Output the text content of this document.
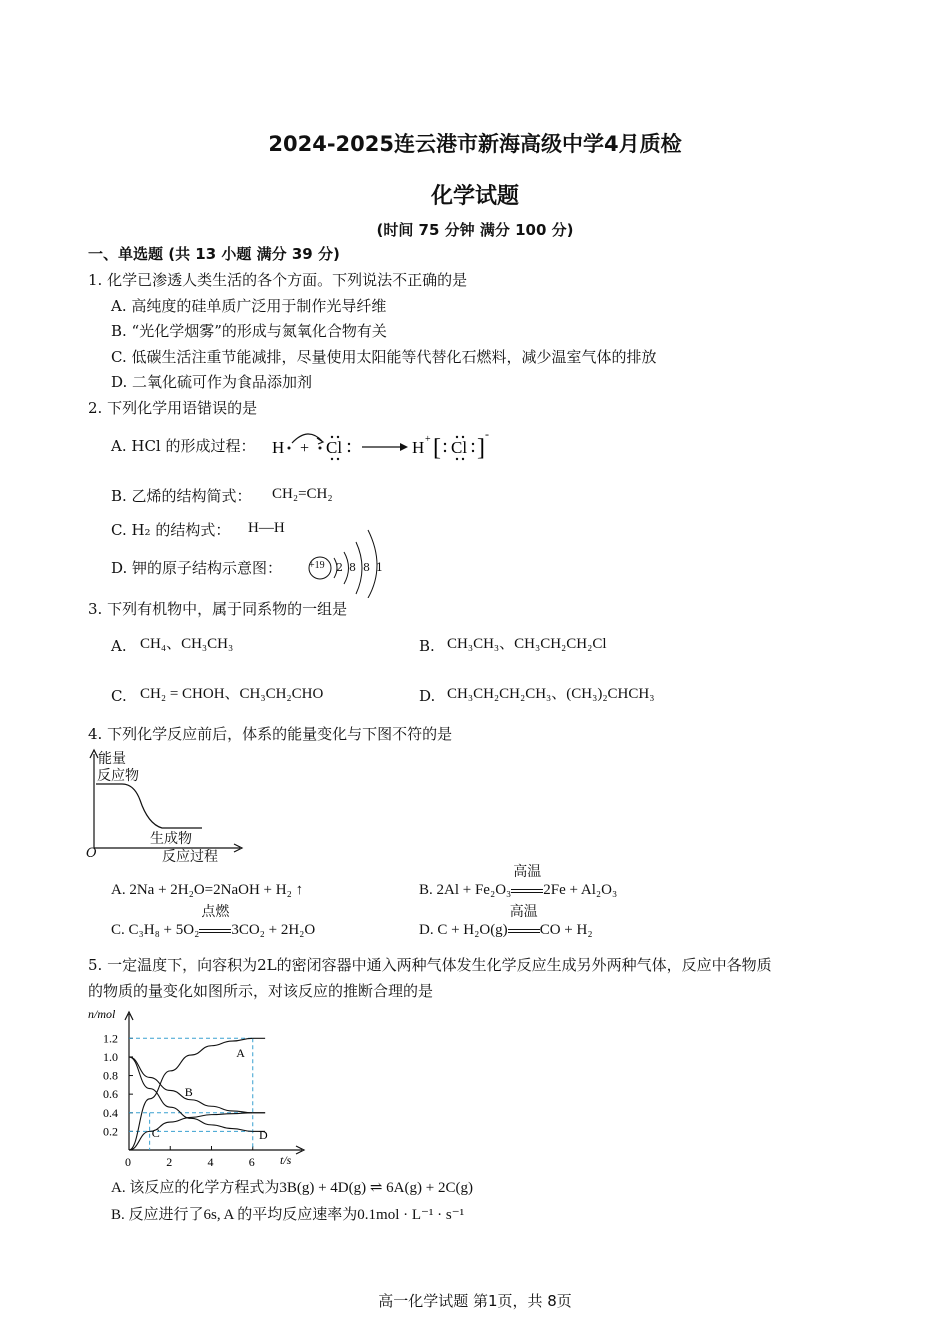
2024-2025连云港市新海高级中学4月质检
化学试题
(时间 75 分钟 满分 100 分)
一、单选题 (共 13 小题 满分 39 分)
1. 化学已渗透人类生活的各个方面。下列说法不正确的是
A. 高纯度的硅单质广泛用于制作光导纤维
B. “光化学烟雾”的形成与氮氧化合物有关
C. 低碳生活注重节能减排，尽量使用太阳能等代替化石燃料，减少温室气体的排放
D. 二氧化硫可作为食品添加剂
2. 下列化学用语错误的是
A. HCl 的形成过程： H + Cl	H + [ Cl ]
-
B. 乙烯的结构简式： CH₂=CH₂
C. H₂ 的结构式： H—H
D. 钾的原子结构示意图：	+19 2 8 8 1
3. 下列有机物中，属于同系物的一组是
A. CH₄、CH₃CH₃	B. CH₃CH₃、CH₃CH₂CH₂Cl
C. CH₂ = CHOH、CH₃CH₂CHO	D. CH₃CH₂CH₂CH₃、(CH₃)₂CHCH₃
4. 下列化学反应前后，体系的能量变化与下图不符的是
能量
反应物
生成物
O	反应过程
A. 2Na + 2H₂O=2NaOH + H₂ ↑	B. 2Al + Fe₂O₃
高温
2Fe + Al₂O₃
C. C₃H₈ + 5O₂
点燃
3CO₂ + 2H₂O	D. C + H₂O(g)
高温
CO + H₂
5. 一定温度下，向容积为2L的密闭容器中通入两种气体发生化学反应生成另外两种气体，反应中各物质
的物质的量变化如图所示，对该反应的推断合理的是
n/mol
t/s
0.2
0.4
0.6
0.8
1.0
1.2
0	2	4	6
A
B
C	D
A. 该反应的化学方程式为3B(g) + 4D(g) ⇌ 6A(g) + 2C(g)
B. 反应进行了6s, A 的平均反应速率为0.1mol · L⁻¹ · s⁻¹
高一化学试题 第1页，共 8页
